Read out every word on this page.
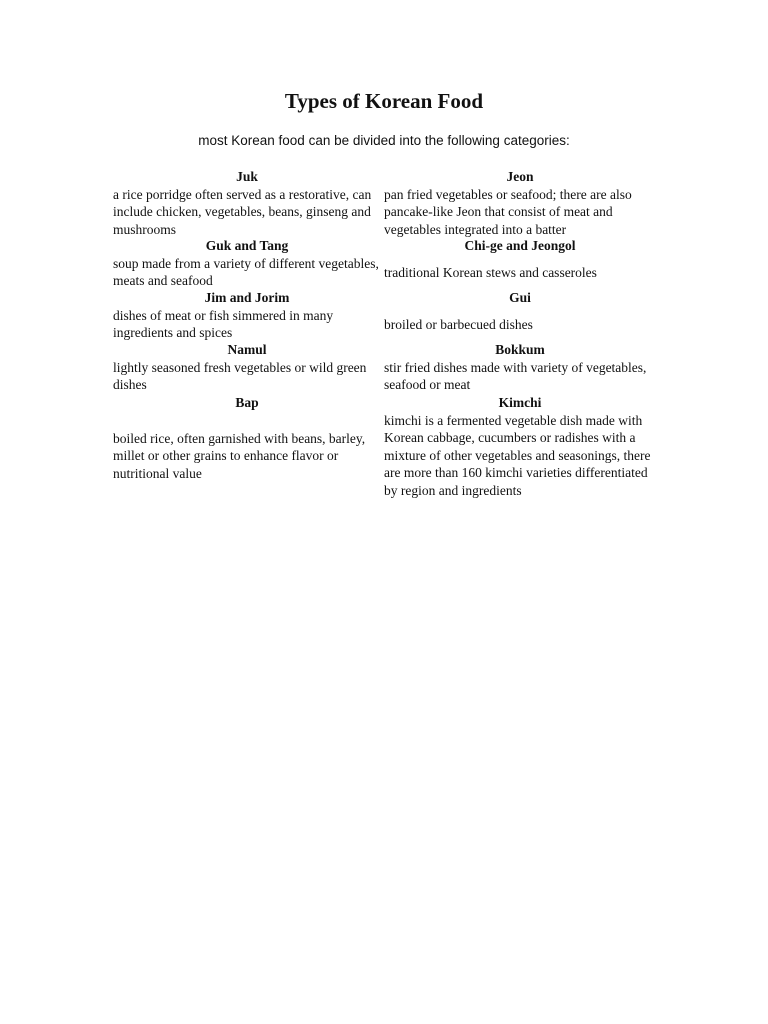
Types of Korean Food

most Korean food can be divided into the following categories:

Juk

a rice porridge often served as a restorative, can include chicken, vegetables, beans, ginseng and mushrooms

Guk and Tang

soup made from a variety of different vegetables, meats and seafood

Jim and Jorim

dishes of meat or fish simmered in many ingredients and spices

Namul

lightly seasoned fresh vegetables or wild green dishes

Bap

boiled rice, often garnished with beans, barley, millet or other grains to enhance flavor or nutritional value

Jeon

pan fried vegetables or seafood; there are also pancake-like Jeon that consist of meat and vegetables integrated into a batter

Chi-ge and Jeongol

traditional Korean stews and casseroles

Gui

broiled or barbecued dishes

Bokkum

stir fried dishes made with variety of vegetables, seafood or meat

Kimchi

kimchi is a fermented vegetable dish made with Korean cabbage, cucumbers or radishes with a mixture of other vegetables and seasonings, there are more than 160 kimchi varieties differentiated by region and ingredients
